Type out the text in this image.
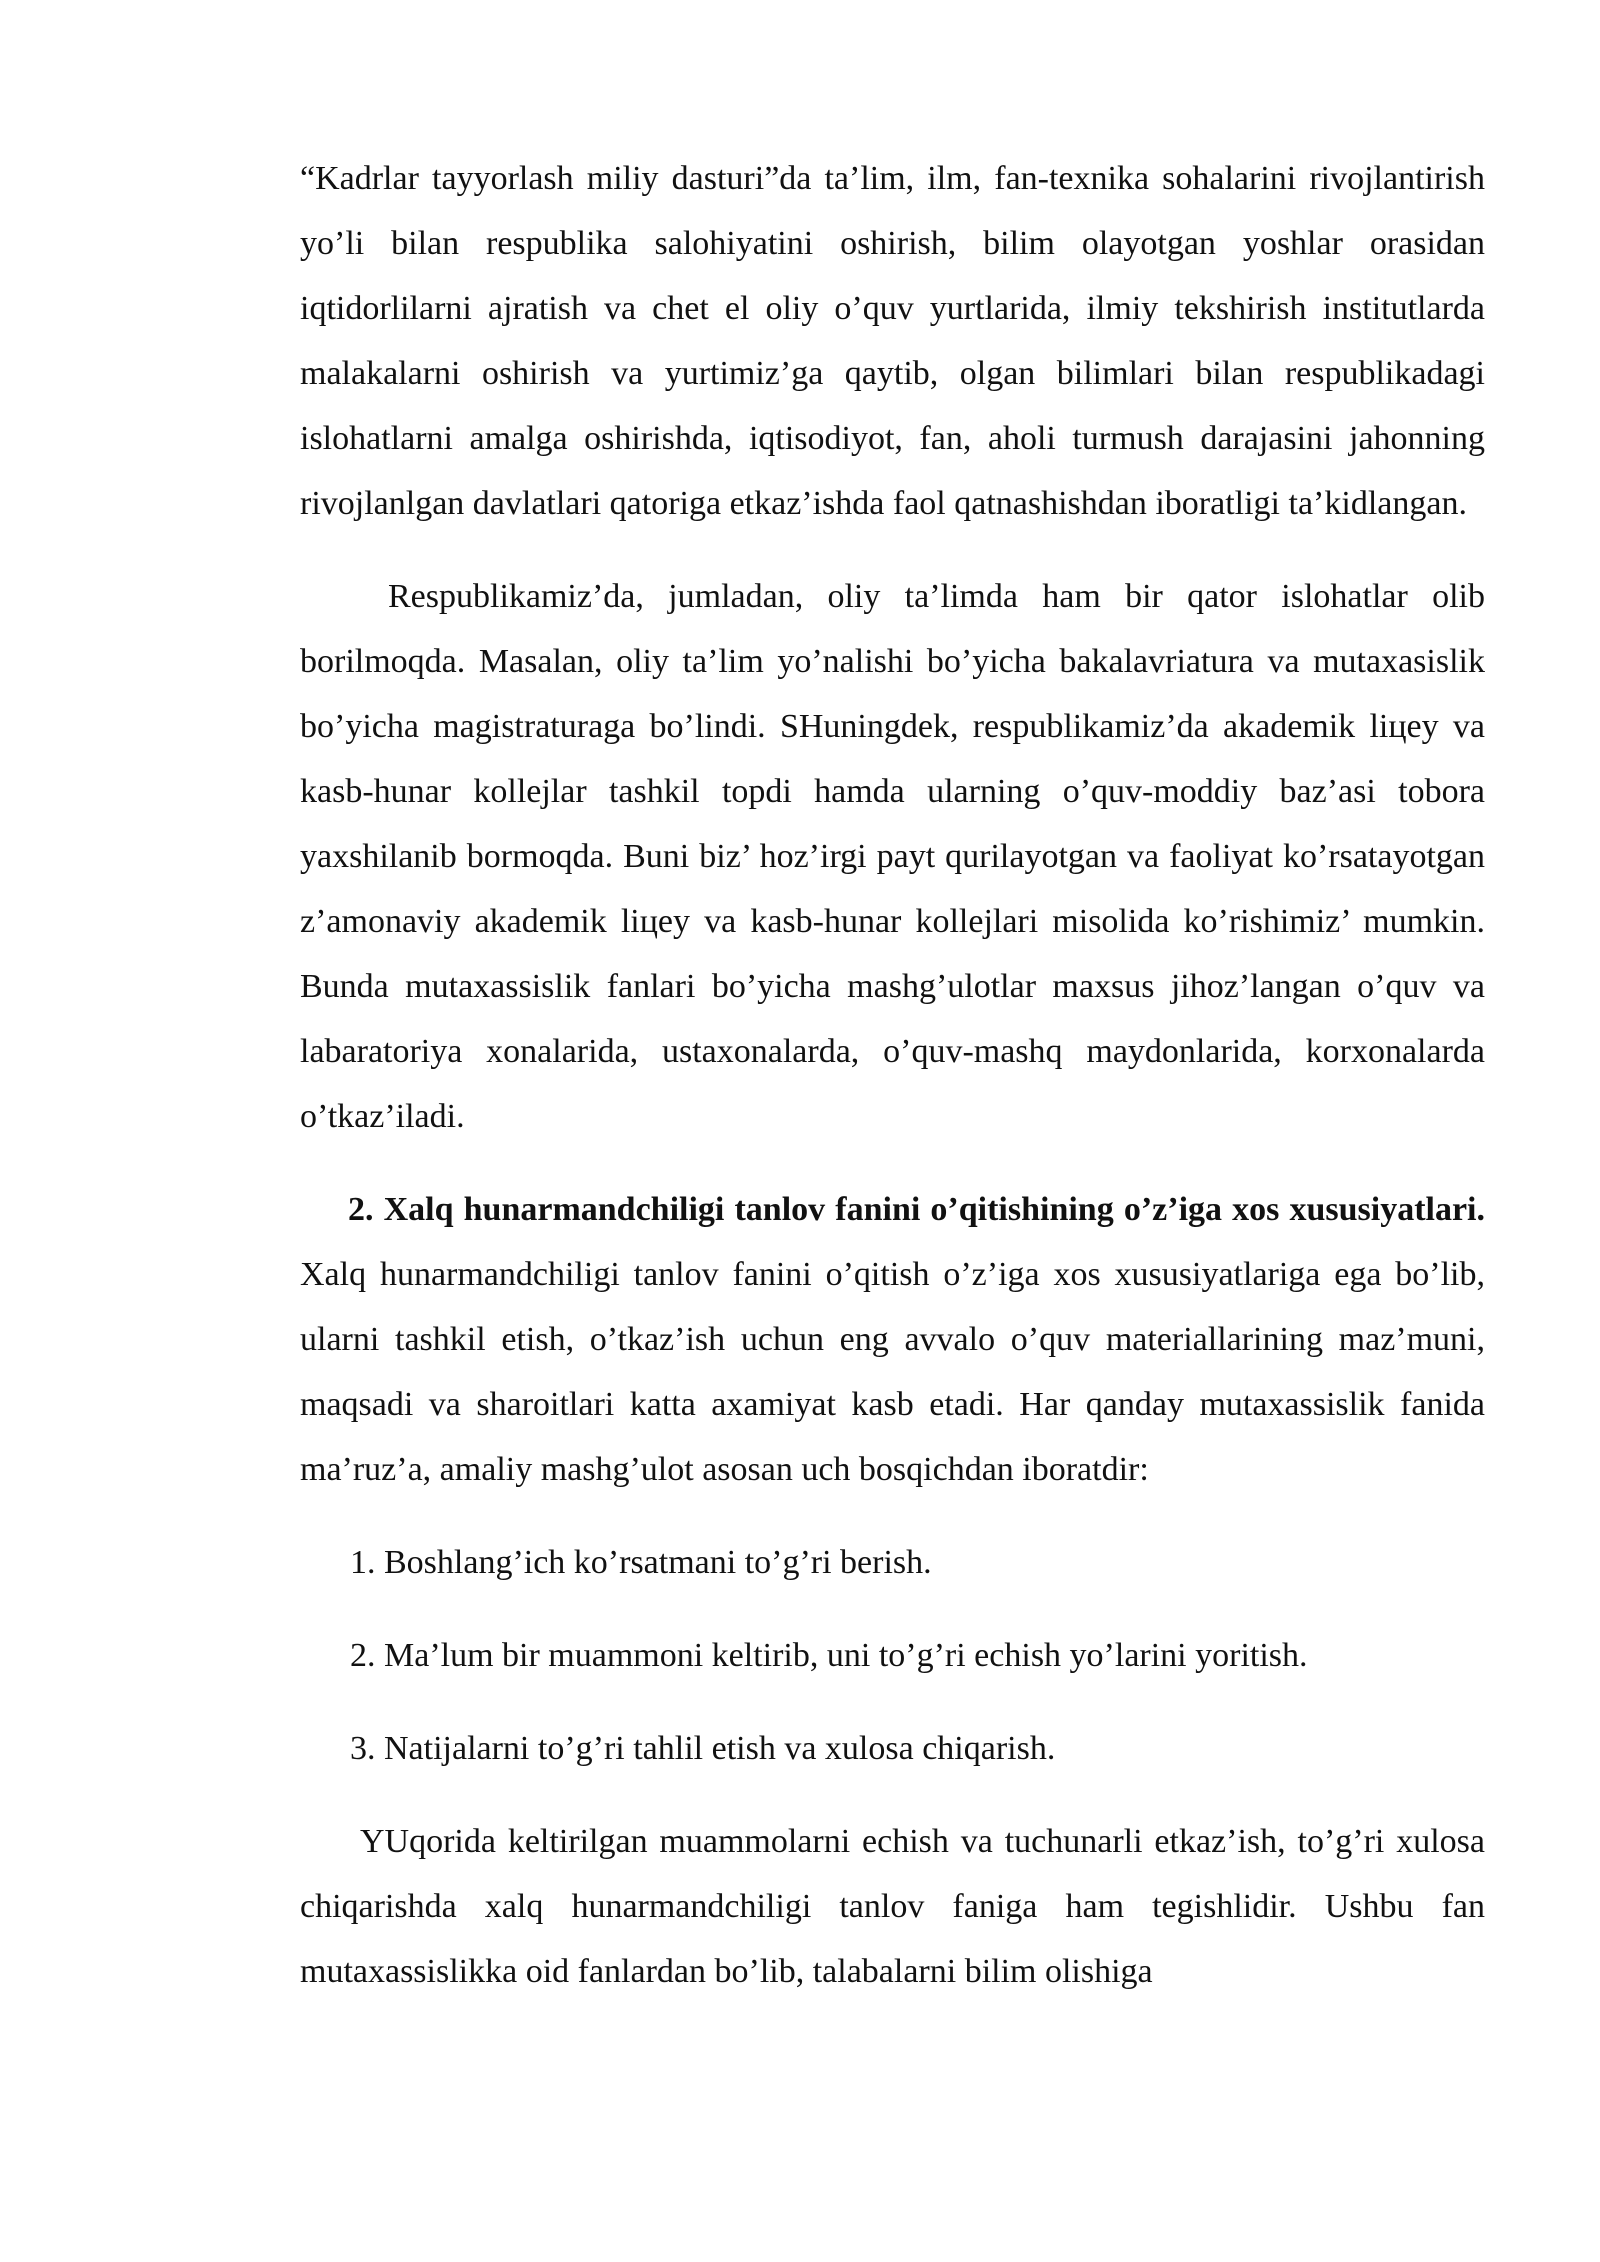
“Kadrlar tayyorlash miliy dasturi”da ta’lim, ilm, fan-texnika sohalarini rivojlantirish yo’li bilan respublika salohiyatini oshirish, bilim olayotgan yoshlar orasidan iqtidorlilarni ajratish va chet el oliy o’quv yurtlarida, ilmiy tekshirish institutlarda malakalarni oshirish va yurtimiz’ga qaytib, olgan bilimlari bilan respublikadagi islohatlarni amalga oshirishda, iqtisodiyot, fan, aholi turmush darajasini jahonning rivojlanlgan davlatlari qatoriga etkaz’ishda faol qatnashishdan iboratligi ta’kidlangan.

Respublikamiz’da, jumladan, oliy ta’limda ham bir qator islohatlar olib borilmoqda. Masalan, oliy ta’lim yo’nalishi bo’yicha bakalavriatura va mutaxasislik bo’yicha magistraturaga bo’lindi. SHuningdek, respublikamiz’da akademik liцey va kasb-hunar kollejlar tashkil topdi hamda ularning o’quv-moddiy baz’asi tobora yaxshilanib bormoqda. Buni biz’ hoz’irgi payt qurilayotgan va faoliyat ko’rsatayotgan z’amonaviy akademik liцey va kasb-hunar kollejlari misolida ko’rishimiz’ mumkin. Bunda mutaxassislik fanlari bo’yicha mashg’ulotlar maxsus jihoz’langan o’quv va labaratoriya xonalarida, ustaxonalarda, o’quv-mashq maydonlarida, korxonalarda o’tkaz’iladi.

2. Xalq hunarmandchiligi tanlov fanini o’qitishining o’z’iga xos xususiyatlari. Xalq hunarmandchiligi tanlov fanini o’qitish o’z’iga xos xususiyatlariga ega bo’lib, ularni tashkil etish, o’tkaz’ish uchun eng avvalo o’quv materiallarining maz’muni, maqsadi va sharoitlari katta axamiyat kasb etadi. Har qanday mutaxassislik fanida ma’ruz’a, amaliy mashg’ulot asosan uch bosqichdan iboratdir:

1. Boshlang’ich ko’rsatmani to’g’ri berish.

2. Ma’lum bir muammoni keltirib, uni to’g’ri echish yo’larini yoritish.

3. Natijalarni to’g’ri tahlil etish va xulosa chiqarish.

YUqorida keltirilgan muammolarni echish va tuchunarli etkaz’ish, to’g’ri xulosa chiqarishda xalq hunarmandchiligi tanlov faniga ham tegishlidir. Ushbu fan mutaxassislikka oid fanlardan bo’lib, talabalarni bilim olishiga
